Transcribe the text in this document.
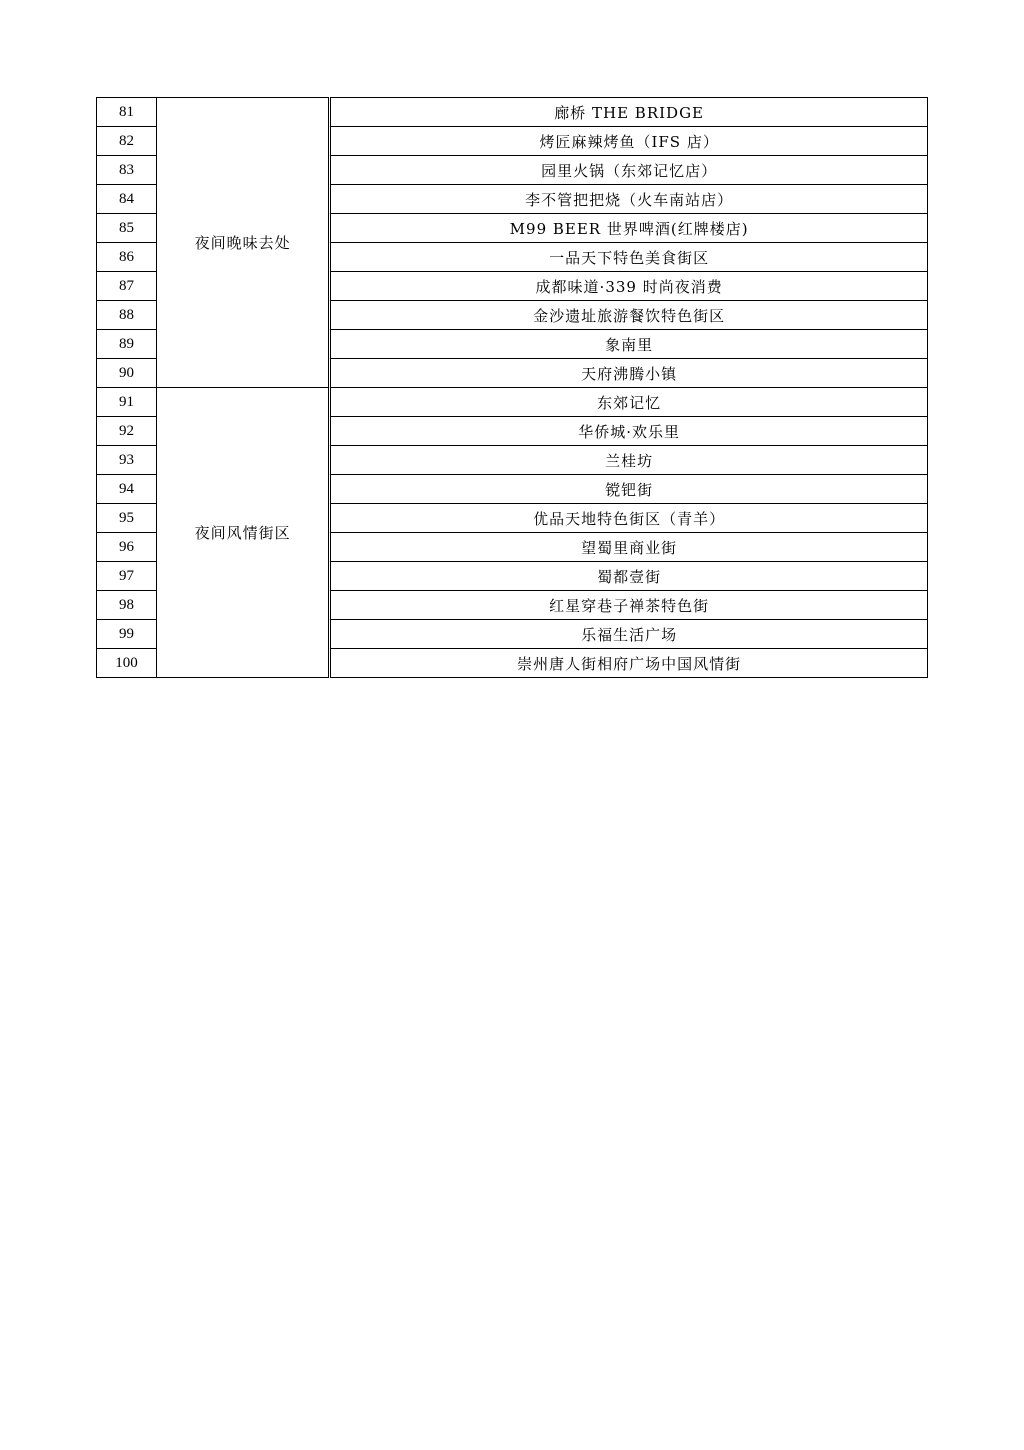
81	夜间晚味去处		廊桥 THE BRIDGE
82			烤匠麻辣烤鱼（IFS 店）
83			园里火锅（东郊记忆店）
84			李不管把把烧（火车南站店）
85			M99 BEER 世界啤酒(红牌楼店)
86			一品天下特色美食街区
87			成都味道·339 时尚夜消费
88			金沙遗址旅游餐饮特色街区
89			象南里
90			天府沸腾小镇
91	夜间风情街区		东郊记忆
92			华侨城·欢乐里
93			兰桂坊
94			镋钯街
95			优品天地特色街区（青羊）
96			望蜀里商业街
97			蜀都壹街
98			红星穿巷子禅茶特色街
99			乐福生活广场
100			崇州唐人街相府广场中国风情街
